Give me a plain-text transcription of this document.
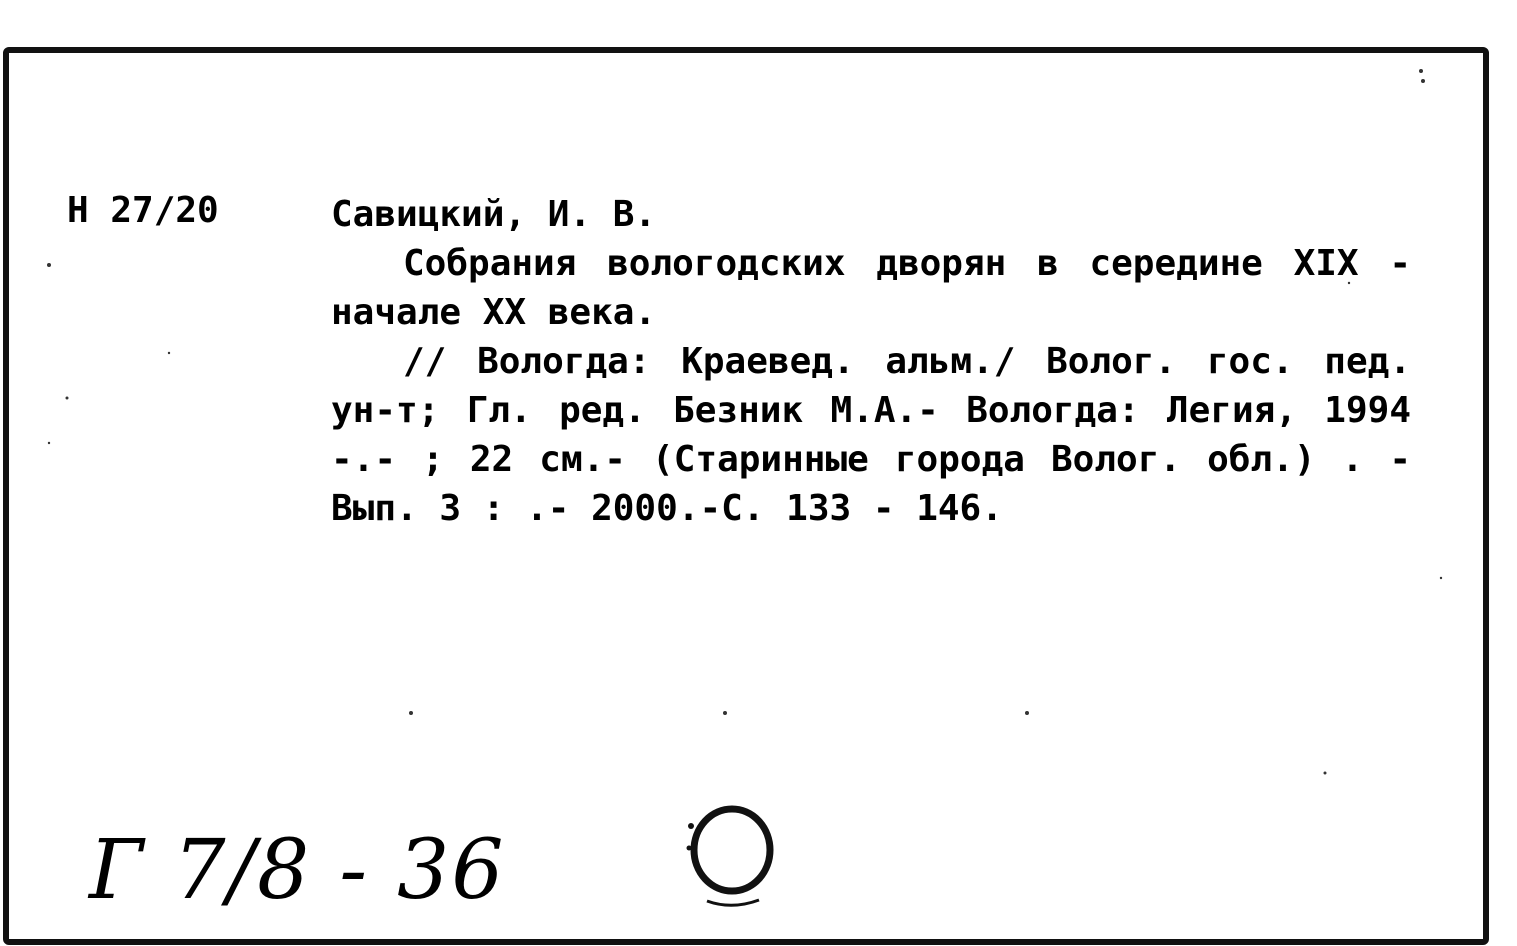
Н 27/20	Савицкий, И. В.
Собрания вологодских дворян в середине XIX - начале XX века.
// Вологда: Краевед. альм./ Волог. гос. пед. ун-т; Гл. ред. Безник М.А.- Вологда: Легия, 1994 -.- ; 22 см.- (Старинные города Волог. обл.) . - Вып. 3 : .- 2000.-С. 133 - 146.
Г 7/8 - 36
